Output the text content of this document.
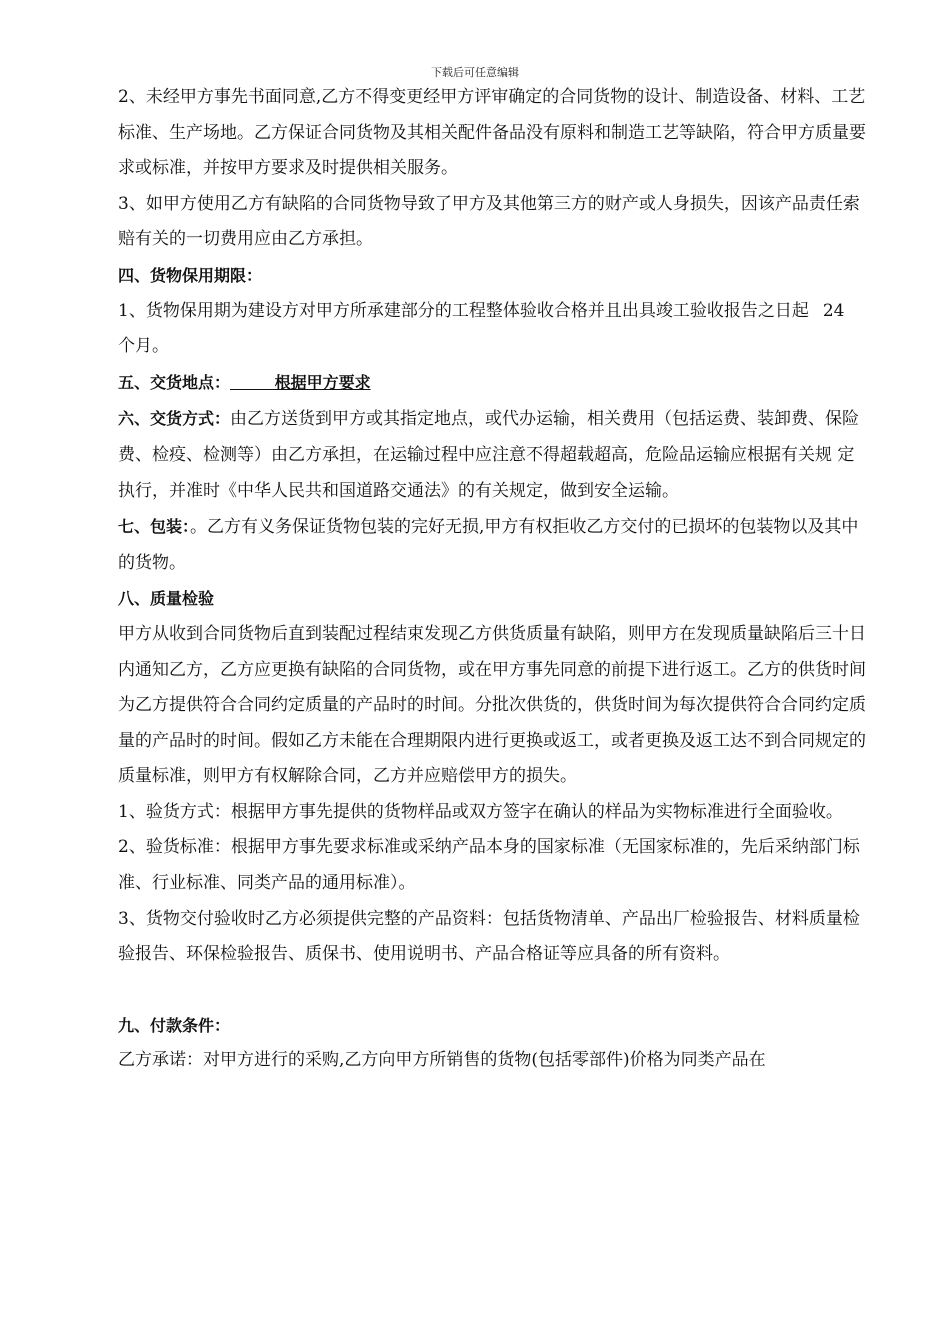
下载后可任意编辑

2、未经甲方事先书面同意,乙方不得变更经甲方评审确定的合同货物的设计、制造设备、材料、工艺标准、生产场地。乙方保证合同货物及其相关配件备品没有原料和制造工艺等缺陷，符合甲方质量要求或标准，并按甲方要求及时提供相关服务。

3、如甲方使用乙方有缺陷的合同货物导致了甲方及其他第三方的财产或人身损失，因该产品责任索赔有关的一切费用应由乙方承担。

四、货物保用期限：

1、货物保用期为建设方对甲方所承建部分的工程整体验收合格并且出具竣工验收报告之日起 24个月。

五、交货地点：	根据甲方要求

六、交货方式：由乙方送货到甲方或其指定地点，或代办运输，相关费用（包括运费、装卸费、保险费、检疫、检测等）由乙方承担，在运输过程中应注意不得超载超高，危险品运输应根据有关规 定执行，并准时《中华人民共和国道路交通法》的有关规定，做到安全运输。

七、包装：。乙方有义务保证货物包装的完好无损,甲方有权拒收乙方交付的已损坏的包装物以及其中的货物。

八、质量检验

甲方从收到合同货物后直到装配过程结束发现乙方供货质量有缺陷，则甲方在发现质量缺陷后三十日内通知乙方，乙方应更换有缺陷的合同货物，或在甲方事先同意的前提下进行返工。乙方的供货时间为乙方提供符合合同约定质量的产品时的时间。分批次供货的，供货时间为每次提供符合合同约定质量的产品时的时间。假如乙方未能在合理期限内进行更换或返工，或者更换及返工达不到合同规定的质量标准，则甲方有权解除合同，乙方并应赔偿甲方的损失。

1、验货方式：根据甲方事先提供的货物样品或双方签字在确认的样品为实物标准进行全面验收。

2、验货标准：根据甲方事先要求标准或采纳产品本身的国家标准（无国家标准的，先后采纳部门标准、行业标准、同类产品的通用标准）。

3、货物交付验收时乙方必须提供完整的产品资料：包括货物清单、产品出厂检验报告、材料质量检验报告、环保检验报告、质保书、使用说明书、产品合格证等应具备的所有资料。

九、付款条件：

乙方承诺：对甲方进行的采购,乙方向甲方所销售的货物(包括零部件)价格为同类产品在
